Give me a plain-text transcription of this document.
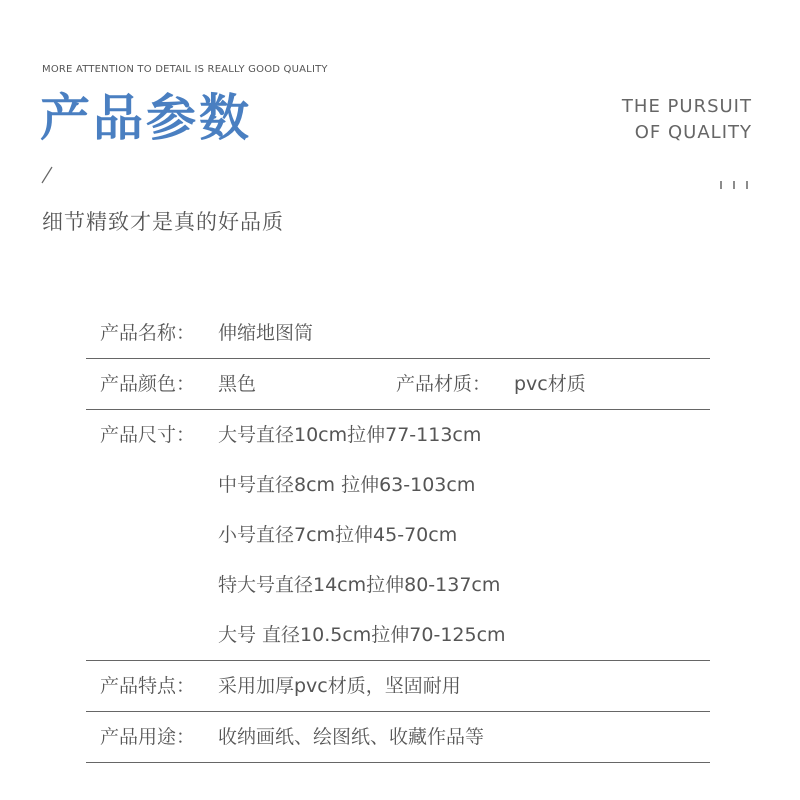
MORE ATTENTION TO DETAIL IS REALLY GOOD QUALITY
产品参数	THE PURSUIT
OF QUALITY
细节精致才是真的好品质
产品名称： 伸缩地图筒
产品颜色： 黑色	产品材质： pvc材质
产品尺寸： 大号直径10cm拉伸77-113cm
中号直径8cm 拉伸63-103cm
小号直径7cm拉伸45-70cm
特大号直径14cm拉伸80-137cm
大号 直径10.5cm拉伸70-125cm
产品特点： 采用加厚pvc材质，坚固耐用
产品用途： 收纳画纸、绘图纸、收藏作品等
